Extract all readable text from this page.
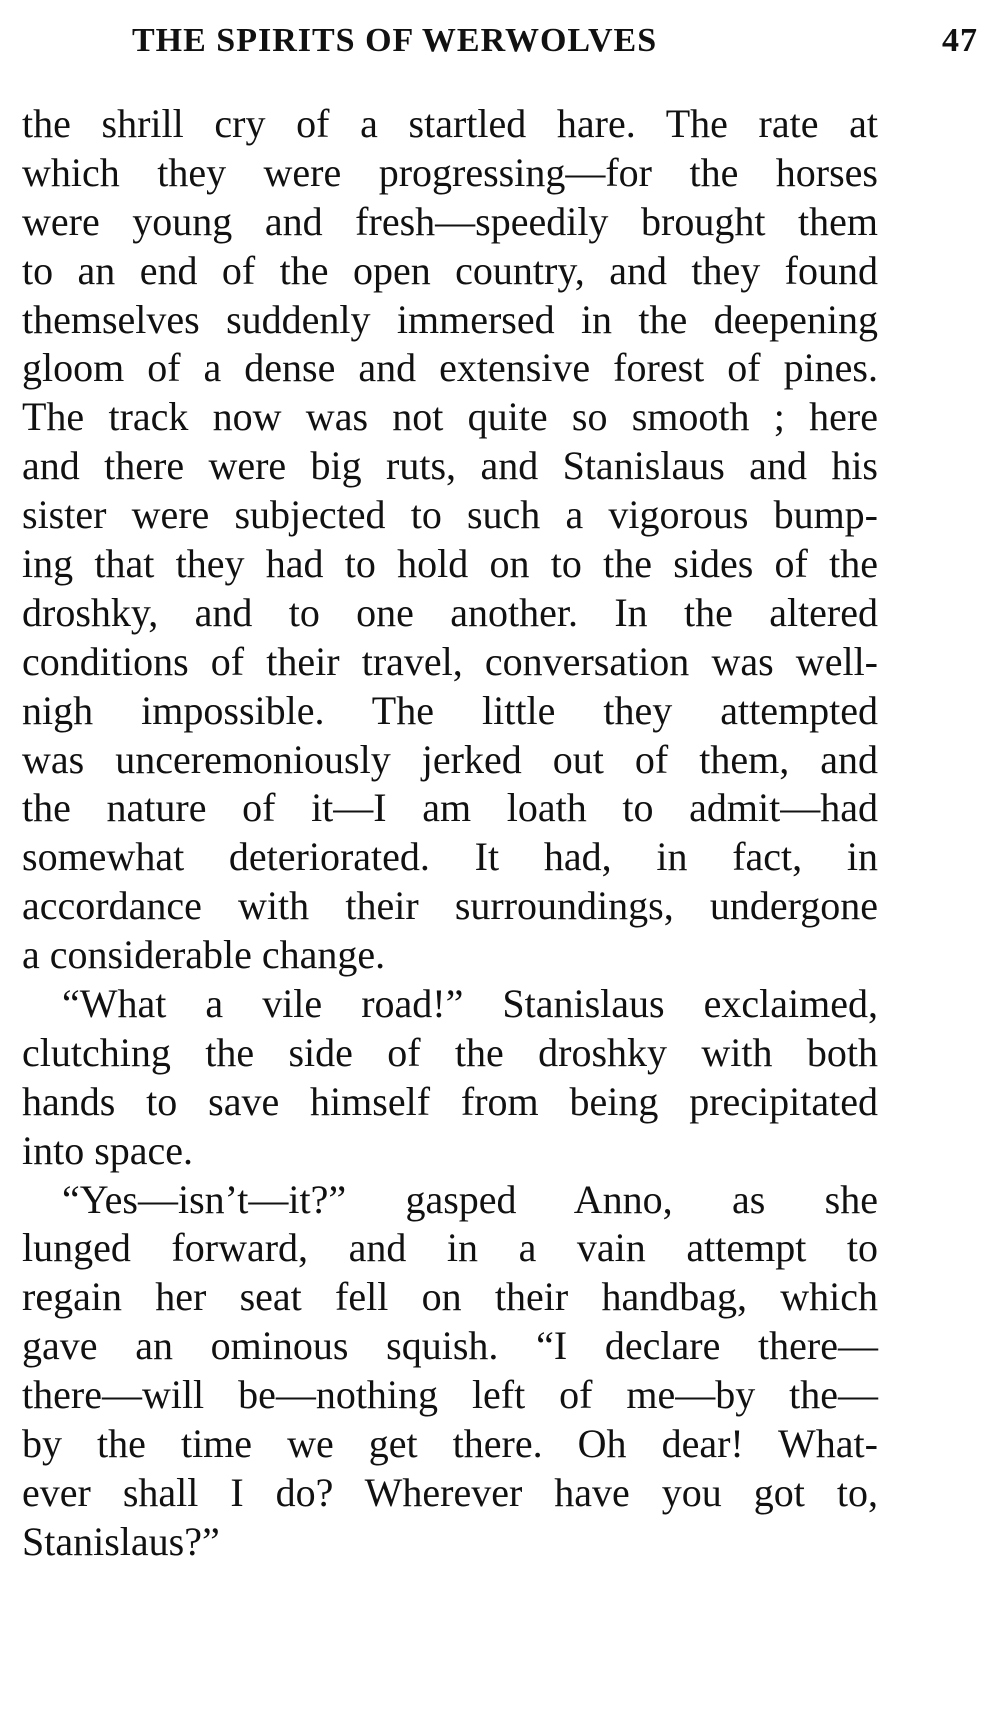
THE SPIRITS OF WERWOLVES	47
the shrill cry of a startled hare. The rate at
which they were progressing—for the horses
were young and fresh—speedily brought them
to an end of the open country, and they found
themselves suddenly immersed in the deepening
gloom of a dense and extensive forest of pines.
The track now was not quite so smooth ; here
and there were big ruts, and Stanislaus and his
sister were subjected to such a vigorous bump-
ing that they had to hold on to the sides of the
droshky, and to one another. In the altered
conditions of their travel, conversation was well-
nigh impossible. The little they attempted
was unceremoniously jerked out of them, and
the nature of it—I am loath to admit—had
somewhat deteriorated. It had, in fact, in
accordance with their surroundings, undergone
a considerable change.
“What a vile road!” Stanislaus exclaimed,
clutching the side of the droshky with both
hands to save himself from being precipitated
into space.
“Yes—isn’t—it?” gasped Anno, as she
lunged forward, and in a vain attempt to
regain her seat fell on their handbag, which
gave an ominous squish. “I declare there—
there—will be—nothing left of me—by the—
by the time we get there. Oh dear! What-
ever shall I do? Wherever have you got to,
Stanislaus?”
